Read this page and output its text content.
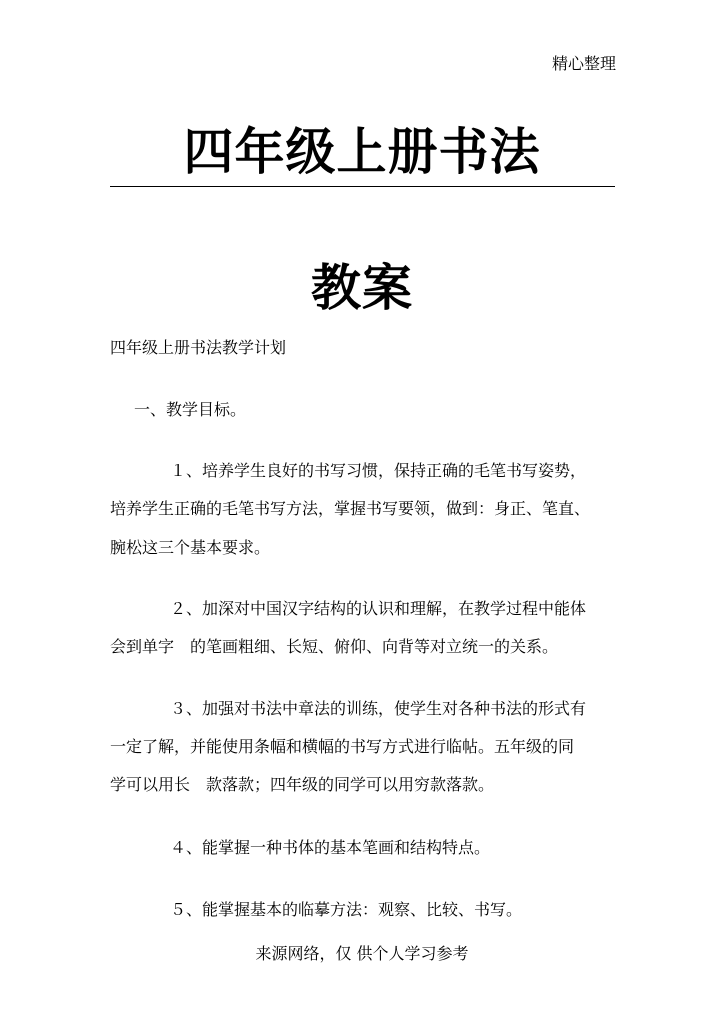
精心整理
四年级上册书法
教案
四年级上册书法教学计划
一、教学目标。
１、培养学生良好的书写习惯，保持正确的毛笔书写姿势，
培养学生正确的毛笔书写方法，掌握书写要领，做到：身正、笔直、
腕松这三个基本要求。
２、加深对中国汉字结构的认识和理解，在教学过程中能体
会到单字　的笔画粗细、长短、俯仰、向背等对立统一的关系。
３、加强对书法中章法的训练，使学生对各种书法的形式有
一定了解，并能使用条幅和横幅的书写方式进行临帖。五年级的同
学可以用长　款落款；四年级的同学可以用穷款落款。
４、能掌握一种书体的基本笔画和结构特点。
５、能掌握基本的临摹方法：观察、比较、书写。
来源网络，仅 供个人学习参考
